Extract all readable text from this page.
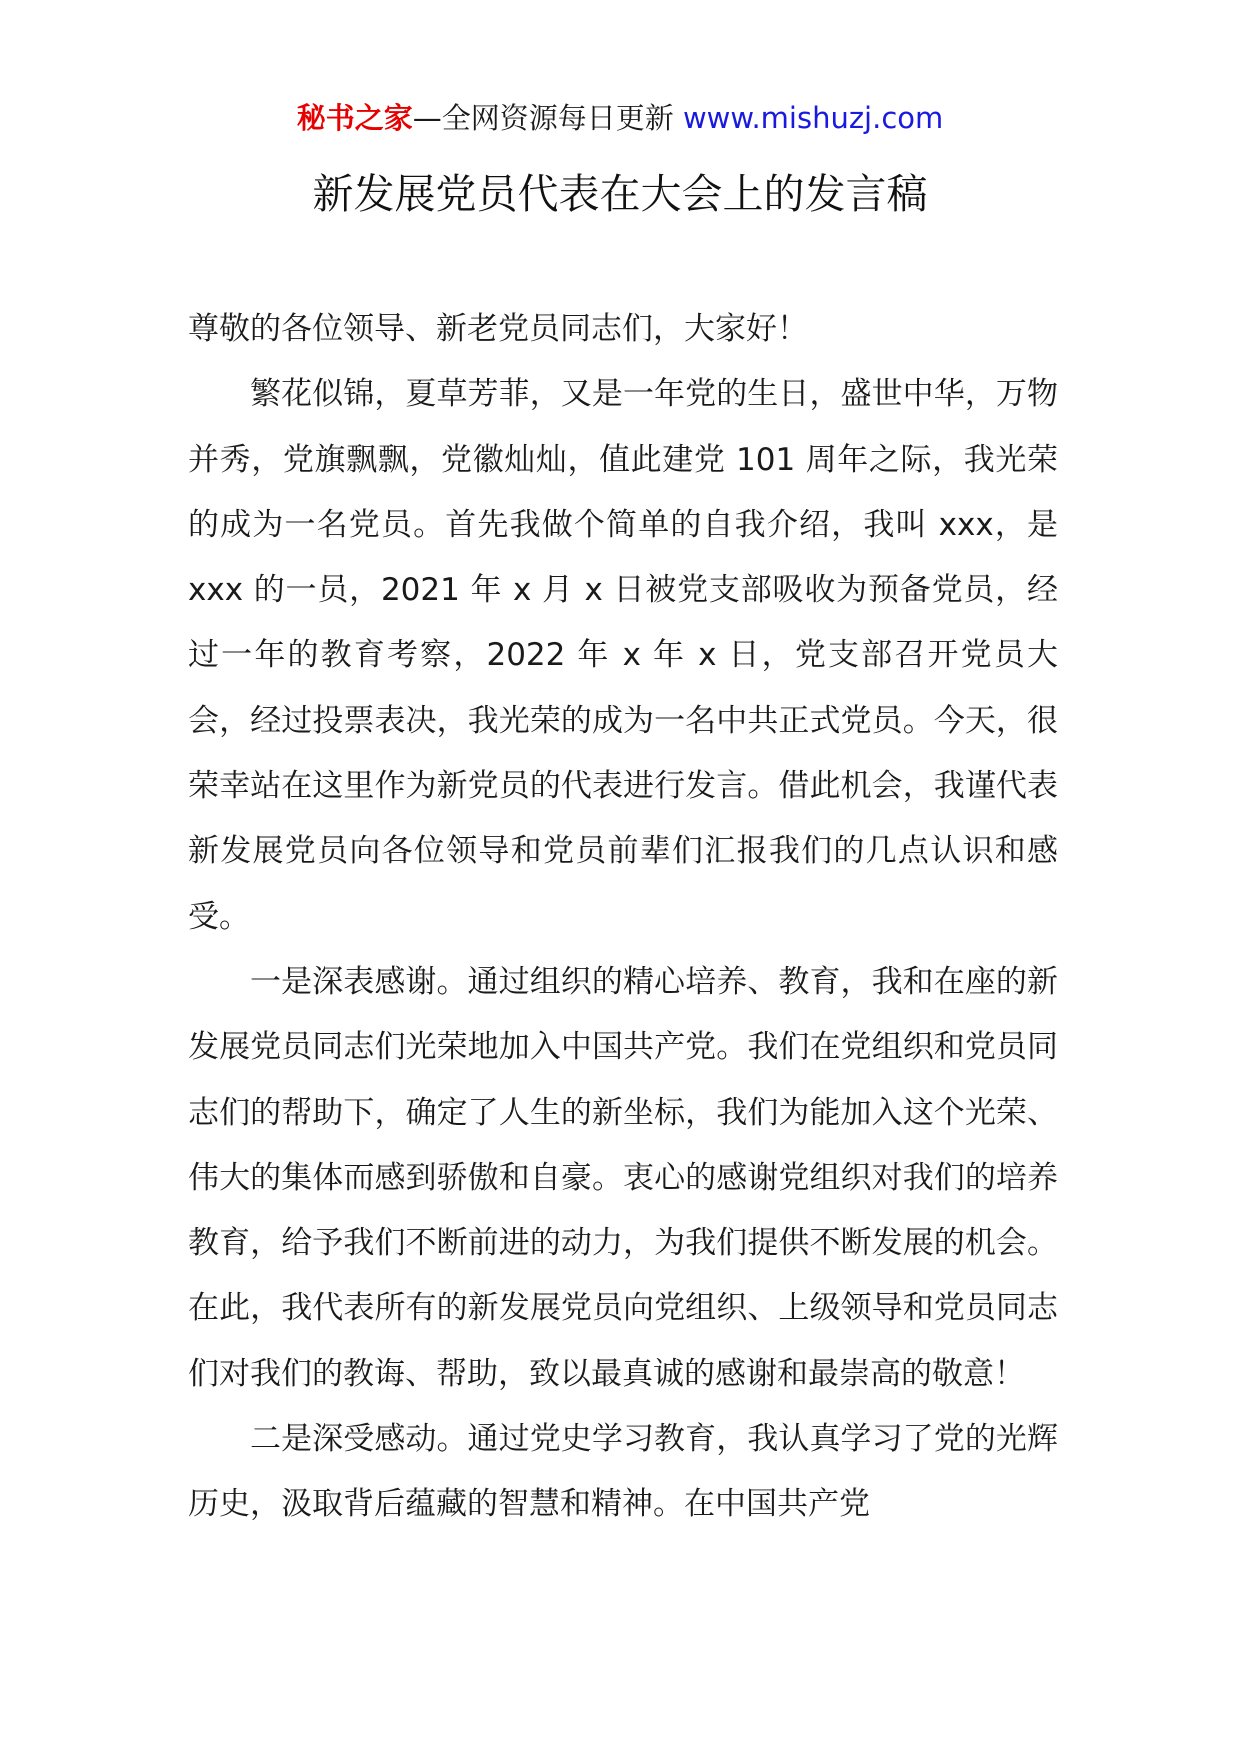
秘书之家—全网资源每日更新 www.mishuzj.com
新发展党员代表在大会上的发言稿

尊敬的各位领导、新老党员同志们，大家好！

繁花似锦，夏草芳菲，又是一年党的生日，盛世中华，万物并秀，党旗飘飘，党徽灿灿，值此建党 101 周年之际，我光荣的成为一名党员。首先我做个简单的自我介绍，我叫 xxx，是 xxx 的一员，2021 年 x 月 x 日被党支部吸收为预备党员，经过一年的教育考察，2022 年 x 年 x 日，党支部召开党员大会，经过投票表决，我光荣的成为一名中共正式党员。今天，很荣幸站在这里作为新党员的代表进行发言。借此机会，我谨代表新发展党员向各位领导和党员前辈们汇报我们的几点认识和感受。

一是深表感谢。通过组织的精心培养、教育，我和在座的新发展党员同志们光荣地加入中国共产党。我们在党组织和党员同志们的帮助下，确定了人生的新坐标，我们为能加入这个光荣、伟大的集体而感到骄傲和自豪。衷心的感谢党组织对我们的培养教育，给予我们不断前进的动力，为我们提供不断发展的机会。在此，我代表所有的新发展党员向党组织、上级领导和党员同志们对我们的教诲、帮助，致以最真诚的感谢和最崇高的敬意！

二是深受感动。通过党史学习教育，我认真学习了党的光辉历史，汲取背后蕴藏的智慧和精神。在中国共产党
